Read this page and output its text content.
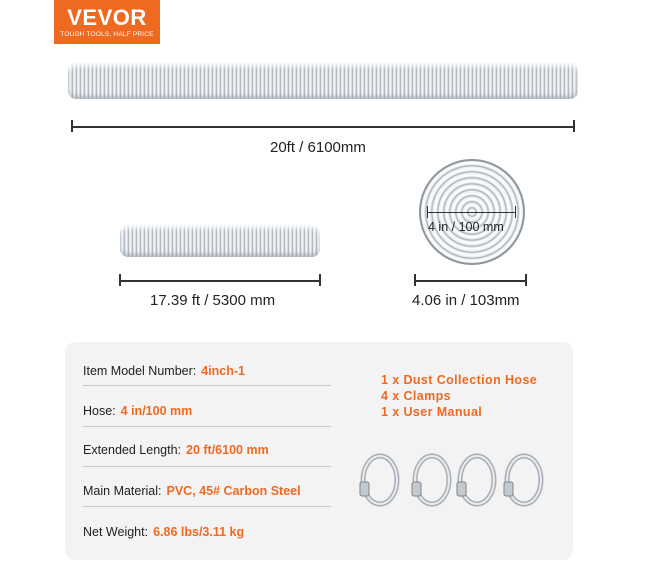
VEVOR
TOUGH TOOLS, HALF PRICE
20ft / 6100mm
17.39 ft / 5300 mm
4 in / 100 mm
4.06 in / 103mm
Item Model Number: 4inch-1
Hose: 4 in/100 mm
Extended Length: 20 ft/6100 mm
Main Material: PVC, 45# Carbon Steel
Net Weight: 6.86 lbs/3.11 kg
1 x Dust Collection Hose
4 x Clamps
1 x User Manual
